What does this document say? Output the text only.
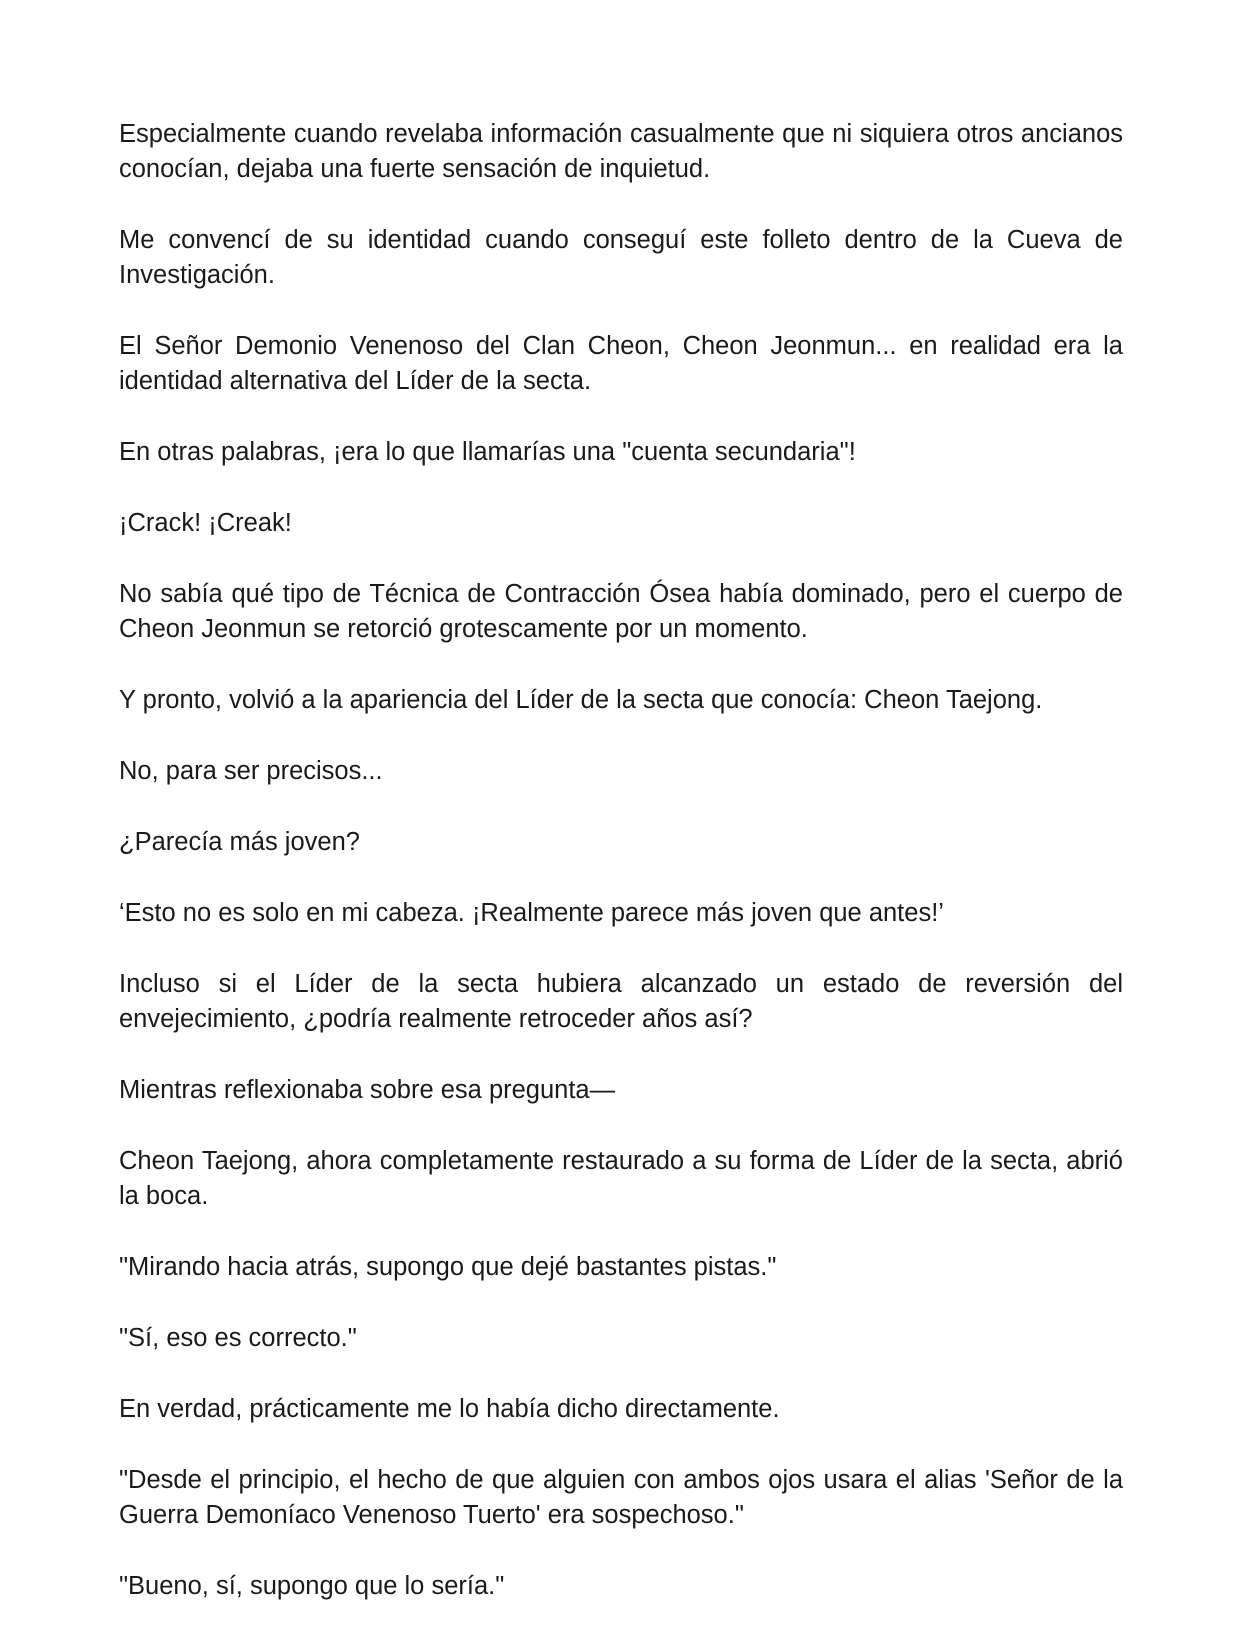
Especialmente cuando revelaba información casualmente que ni siquiera otros ancianos conocían, dejaba una fuerte sensación de inquietud.

Me convencí de su identidad cuando conseguí este folleto dentro de la Cueva de Investigación.

El Señor Demonio Venenoso del Clan Cheon, Cheon Jeonmun... en realidad era la identidad alternativa del Líder de la secta.

En otras palabras, ¡era lo que llamarías una "cuenta secundaria"!

¡Crack! ¡Creak!

No sabía qué tipo de Técnica de Contracción Ósea había dominado, pero el cuerpo de Cheon Jeonmun se retorció grotescamente por un momento.

Y pronto, volvió a la apariencia del Líder de la secta que conocía: Cheon Taejong.

No, para ser precisos...

¿Parecía más joven?

‘Esto no es solo en mi cabeza. ¡Realmente parece más joven que antes!’

Incluso si el Líder de la secta hubiera alcanzado un estado de reversión del envejecimiento, ¿podría realmente retroceder años así?

Mientras reflexionaba sobre esa pregunta—

Cheon Taejong, ahora completamente restaurado a su forma de Líder de la secta, abrió la boca.

"Mirando hacia atrás, supongo que dejé bastantes pistas."

"Sí, eso es correcto."

En verdad, prácticamente me lo había dicho directamente.

"Desde el principio, el hecho de que alguien con ambos ojos usara el alias 'Señor de la Guerra Demoníaco Venenoso Tuerto' era sospechoso."

"Bueno, sí, supongo que lo sería."
